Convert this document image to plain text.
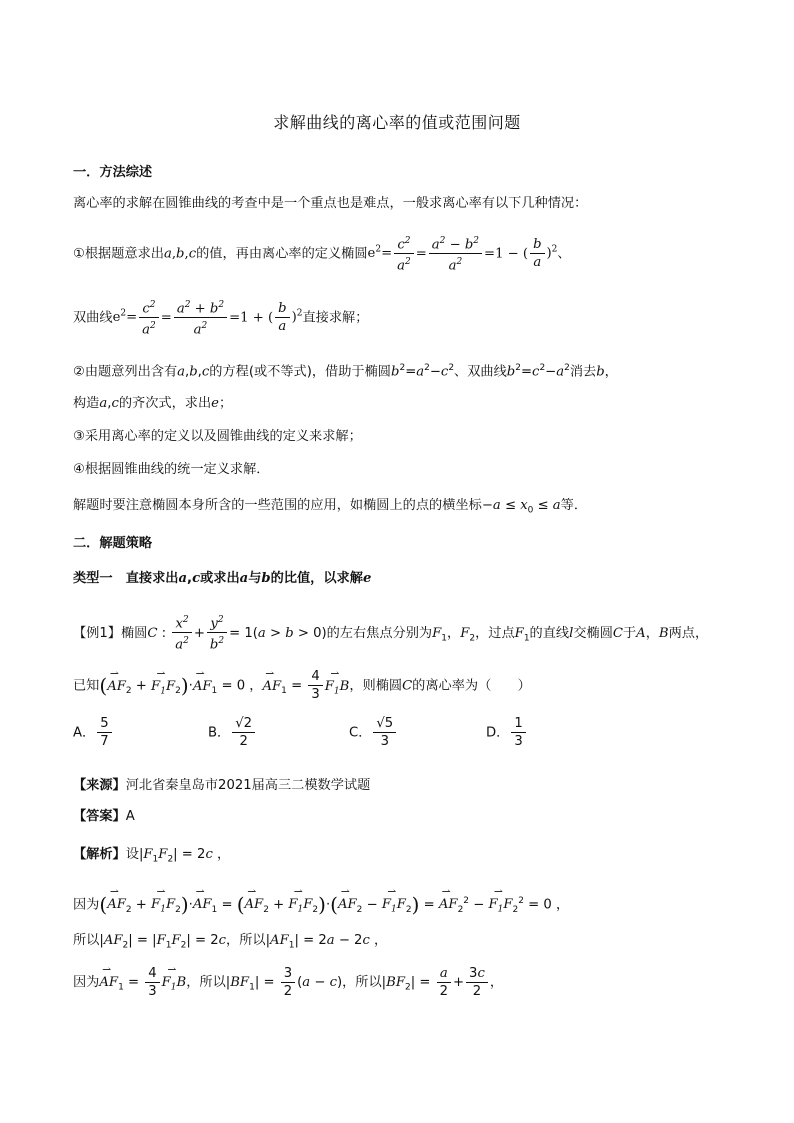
求解曲线的离心率的值或范围问题
一．方法综述
离心率的求解在圆锥曲线的考查中是一个重点也是难点，一般求离心率有以下几种情况：
①根据题意求出a,b,c的值，再由离心率的定义椭圆$e^2= \frac{c^2}{a^2} = \frac{a^2 - b^2}{a^2} =1$ − ( $\frac{b}{a} )^2$、
双曲线$e^2= \frac{c^2}{a^2} = \frac{a^2 + b^2}{a^2} =1$ + ( $\frac{b}{a} )^2$直接求解；
②由题意列出含有a,b,c的方程(或不等式)，借助于椭圆$b^2=a^2-c^2$、双曲线$b^2=c^2-a^2$消去b，
构造a,c的齐次式，求出e；
③采用离心率的定义以及圆锥曲线的定义来求解；
④根据圆锥曲线的统一定义求解．
解题时要注意椭圆本身所含的一些范围的应用，如椭圆上的点的横坐标$-a \le x_0 \le a$等．
二．解题策略
类型一　直接求出a,c或求出a与b的比值，以求解e
【例1】椭圆C : $\frac{x^2}{a^2} + \frac{y^2}{b^2} = 1(a > b > 0)$的左右焦点分别为$F_1$，$F_2$，过点$F_1$的直线l交椭圆C于A，B两点，
已知(⇀ $AF_2$ + ⇀ $F_1F_2)\cdot⇀$ $AF_1 = 0$ ，⇀ $AF_1 = \frac{4}{3}$ ⇀ $F_1B$，则椭圆C的离心率为（　　）
A． $\frac{5}{7}$	B． $\frac{√2}{2}$	C． $\frac{√5}{3}$	D． $\frac{1}{3}$
【来源】河北省秦皇岛市2021届高三二模数学试题
【答案】A
【解析】设$|F_1F_2| = 2c$ ，
因为(⇀ $AF_2$ + ⇀ $F_1F_2)\cdot⇀$ $AF_1$ = (⇀ $AF_2$ + ⇀ $F_1F_2)\cdot(⇀$ $AF_2$ − ⇀ $F_1F_2$) = ⇀ $AF_2^2$ − ⇀ $F_1F_2^2 = 0$ ，
所以$|AF_2| = |F_1F_2| = 2c$，所以$|AF_1| = 2a - 2c$ ，
因为⇀ $AF_1 = \frac{4}{3}$ ⇀ $F_1B$，所以$|BF_1| = \frac{3}{2} (a - c)$，所以$|BF_2| = \frac{a}{2} + \frac{3c}{2}$ ，
